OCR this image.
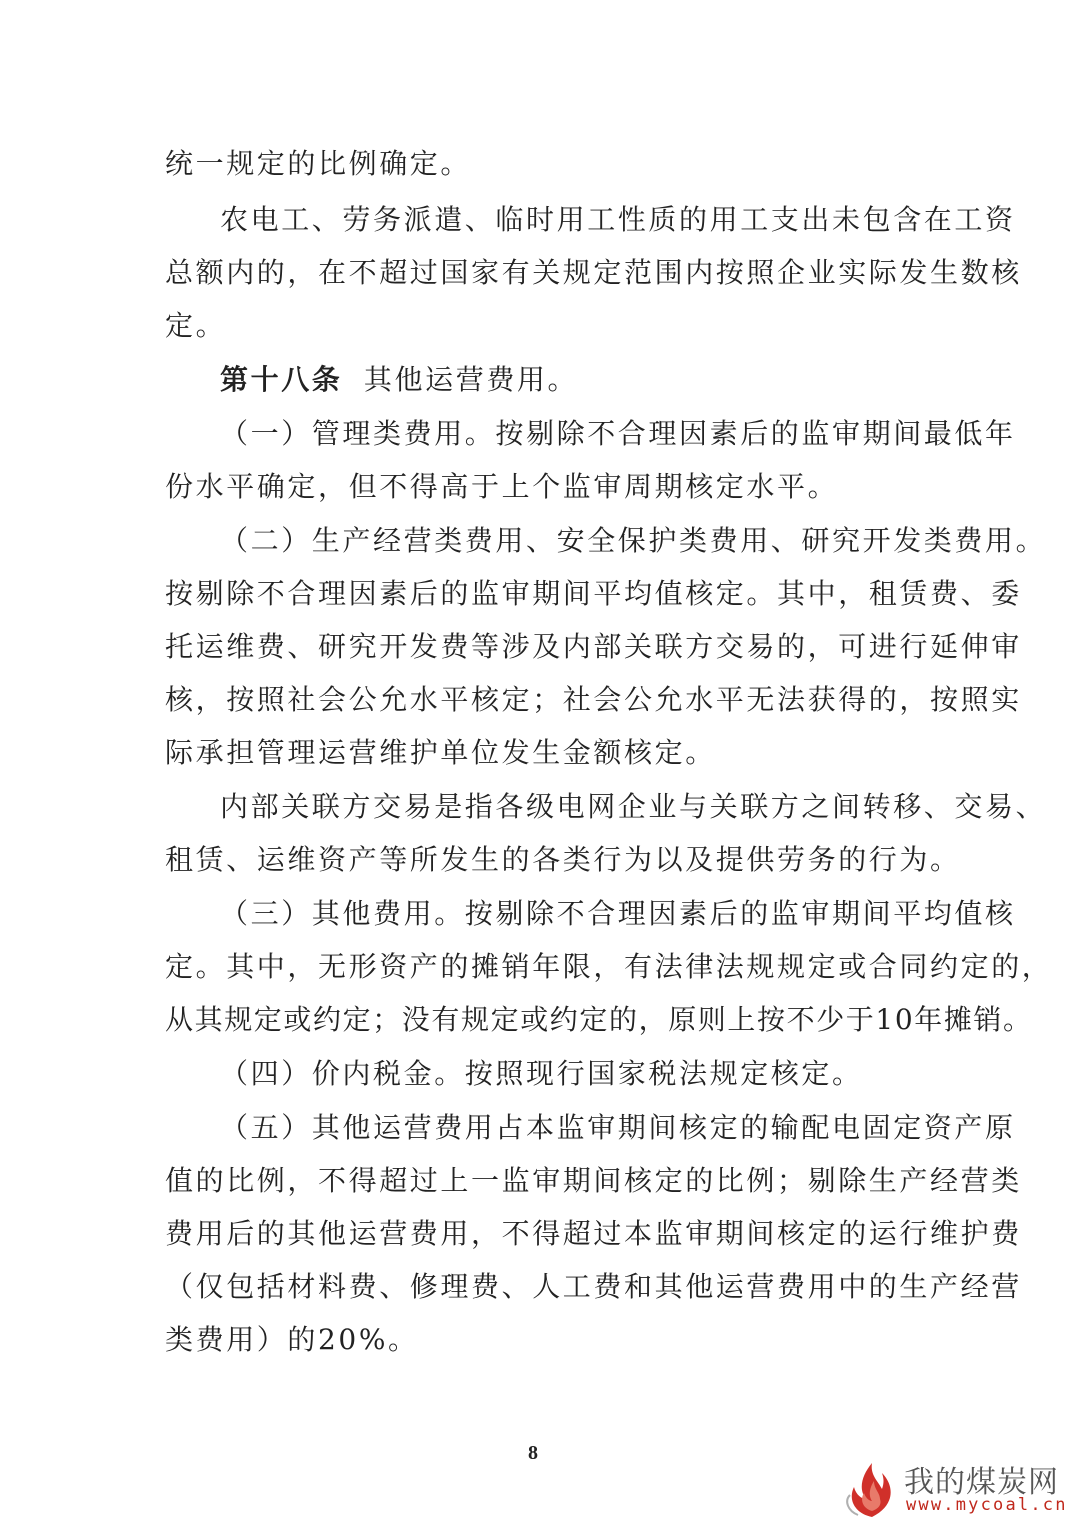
统一规定的比例确定。
农电工、劳务派遣、临时用工性质的用工支出未包含在工资
总额内的，在不超过国家有关规定范围内按照企业实际发生数核
定。
第十八条 其他运营费用。
（一）管理类费用。按剔除不合理因素后的监审期间最低年
份水平确定，但不得高于上个监审周期核定水平。
（二）生产经营类费用、安全保护类费用、研究开发类费用。
按剔除不合理因素后的监审期间平均值核定。其中，租赁费、委
托运维费、研究开发费等涉及内部关联方交易的，可进行延伸审
核，按照社会公允水平核定；社会公允水平无法获得的，按照实
际承担管理运营维护单位发生金额核定。
内部关联方交易是指各级电网企业与关联方之间转移、交易、
租赁、运维资产等所发生的各类行为以及提供劳务的行为。
（三）其他费用。按剔除不合理因素后的监审期间平均值核
定。其中，无形资产的摊销年限，有法律法规规定或合同约定的，
从其规定或约定；没有规定或约定的，原则上按不少于10年摊销。
（四）价内税金。按照现行国家税法规定核定。
（五）其他运营费用占本监审期间核定的输配电固定资产原
值的比例，不得超过上一监审期间核定的比例；剔除生产经营类
费用后的其他运营费用，不得超过本监审期间核定的运行维护费
（仅包括材料费、修理费、人工费和其他运营费用中的生产经营
类费用）的20%。
8
我的煤炭网
www.mycoal.cn
